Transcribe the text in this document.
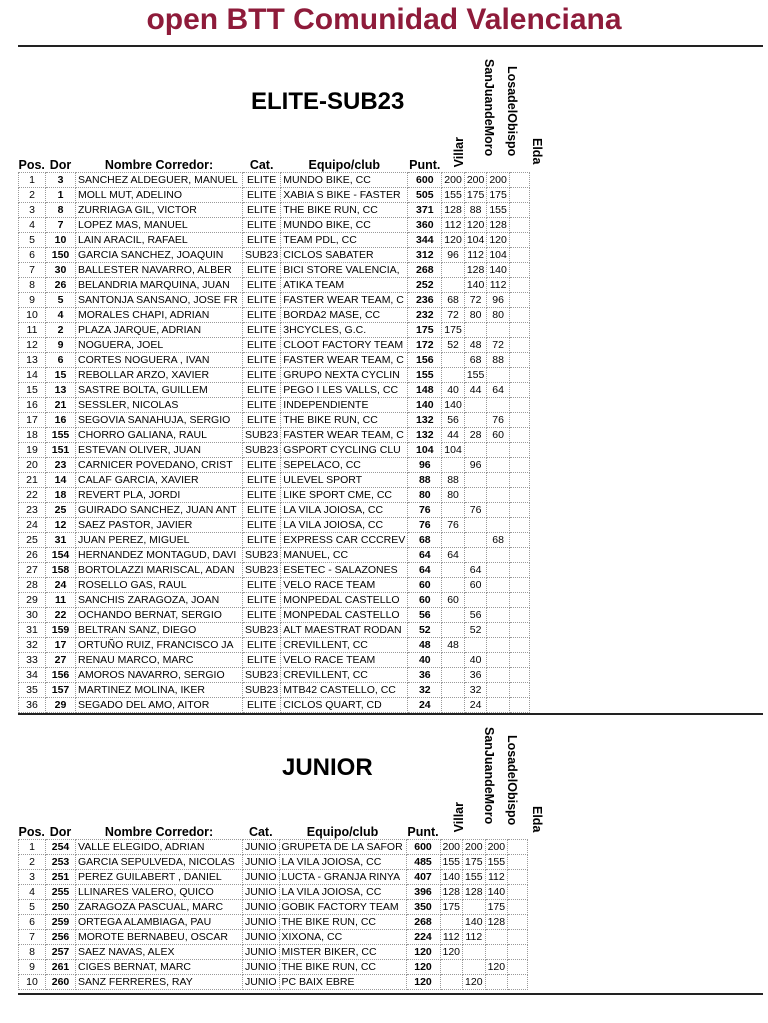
open BTT Comunidad Valenciana
ELITE-SUB23
Villar SanJuandeMoro LosadelObispo Elda
Pos.	Dor	Nombre Corredor:	Cat.	Equipo/club	Punt.				
1	3	SANCHEZ ALDEGUER, MANUEL	ELITE	MUNDO BIKE, CC	600	200	200	200	
2	1	MOLL MUT, ADELINO	ELITE	XABIA S BIKE - FASTER	505	155	175	175	
3	8	ZURRIAGA GIL, VICTOR	ELITE	THE BIKE RUN, CC	371	128	88	155	
4	7	LOPEZ MAS, MANUEL	ELITE	MUNDO BIKE, CC	360	112	120	128	
5	10	LAIN ARACIL, RAFAEL	ELITE	TEAM PDL, CC	344	120	104	120	
6	150	GARCIA SANCHEZ, JOAQUIN	SUB23	CICLOS SABATER	312	96	112	104	
7	30	BALLESTER NAVARRO, ALBER	ELITE	BICI STORE VALENCIA,	268		128	140	
8	26	BELANDRIA MARQUINA, JUAN	ELITE	ATIKA TEAM	252		140	112	
9	5	SANTONJA SANSANO, JOSE FR	ELITE	FASTER WEAR TEAM, C	236	68	72	96	
10	4	MORALES CHAPI, ADRIAN	ELITE	BORDA2 MASE, CC	232	72	80	80	
11	2	PLAZA JARQUE, ADRIAN	ELITE	3HCYCLES, G.C.	175	175			
12	9	NOGUERA, JOEL	ELITE	CLOOT FACTORY TEAM	172	52	48	72	
13	6	CORTES NOGUERA , IVAN	ELITE	FASTER WEAR TEAM, C	156		68	88	
14	15	REBOLLAR ARZO, XAVIER	ELITE	GRUPO NEXTA CYCLIN	155		155		
15	13	SASTRE BOLTA, GUILLEM	ELITE	PEGO I LES VALLS, CC	148	40	44	64	
16	21	SESSLER, NICOLAS	ELITE	INDEPENDIENTE	140	140			
17	16	SEGOVIA SANAHUJA, SERGIO	ELITE	THE BIKE RUN, CC	132	56		76	
18	155	CHORRO GALIANA, RAUL	SUB23	FASTER WEAR TEAM, C	132	44	28	60	
19	151	ESTEVAN OLIVER, JUAN	SUB23	GSPORT CYCLING CLU	104	104			
20	23	CARNICER POVEDANO, CRIST	ELITE	SEPELACO, CC	96		96		
21	14	CALAF GARCIA, XAVIER	ELITE	ULEVEL SPORT	88	88			
22	18	REVERT PLA, JORDI	ELITE	LIKE SPORT CME, CC	80	80			
23	25	GUIRADO SANCHEZ, JUAN ANT	ELITE	LA VILA JOIOSA, CC	76		76		
24	12	SAEZ PASTOR, JAVIER	ELITE	LA VILA JOIOSA, CC	76	76			
25	31	JUAN PEREZ, MIGUEL	ELITE	EXPRESS CAR CCCREV	68			68	
26	154	HERNANDEZ MONTAGUD, DAVI	SUB23	MANUEL, CC	64	64			
27	158	BORTOLAZZI MARISCAL, ADAN	SUB23	ESETEC - SALAZONES	64		64		
28	24	ROSELLO GAS, RAUL	ELITE	VELO RACE TEAM	60		60		
29	11	SANCHIS ZARAGOZA, JOAN	ELITE	MONPEDAL CASTELLO	60	60			
30	22	OCHANDO BERNAT, SERGIO	ELITE	MONPEDAL CASTELLO	56		56		
31	159	BELTRAN SANZ, DIEGO	SUB23	ALT MAESTRAT RODAN	52		52		
32	17	ORTUÑO RUIZ, FRANCISCO JA	ELITE	CREVILLENT, CC	48	48			
33	27	RENAU MARCO, MARC	ELITE	VELO RACE TEAM	40		40		
34	156	AMOROS NAVARRO, SERGIO	SUB23	CREVILLENT, CC	36		36		
35	157	MARTINEZ MOLINA, IKER	SUB23	MTB42 CASTELLO, CC	32		32		
36	29	SEGADO DEL AMO, AITOR	ELITE	CICLOS QUART, CD	24		24		
JUNIOR
Villar SanJuandeMoro LosadelObispo Elda
Pos.	Dor	Nombre Corredor:	Cat.	Equipo/club	Punt.				
1	254	VALLE ELEGIDO, ADRIAN	JUNIO	GRUPETA DE LA SAFOR	600	200	200	200	
2	253	GARCIA SEPULVEDA, NICOLAS	JUNIO	LA VILA JOIOSA, CC	485	155	175	155	
3	251	PEREZ GUILABERT , DANIEL	JUNIO	LUCTA - GRANJA RINYA	407	140	155	112	
4	255	LLINARES VALERO, QUICO	JUNIO	LA VILA JOIOSA, CC	396	128	128	140	
5	250	ZARAGOZA PASCUAL, MARC	JUNIO	GOBIK FACTORY TEAM	350	175		175	
6	259	ORTEGA ALAMBIAGA, PAU	JUNIO	THE BIKE RUN, CC	268		140	128	
7	256	MOROTE BERNABEU, OSCAR	JUNIO	XIXONA, CC	224	112	112		
8	257	SAEZ NAVAS, ALEX	JUNIO	MISTER BIKER, CC	120	120			
9	261	CIGES BERNAT, MARC	JUNIO	THE BIKE RUN, CC	120			120	
10	260	SANZ FERRERES, RAY	JUNIO	PC BAIX EBRE	120		120		
